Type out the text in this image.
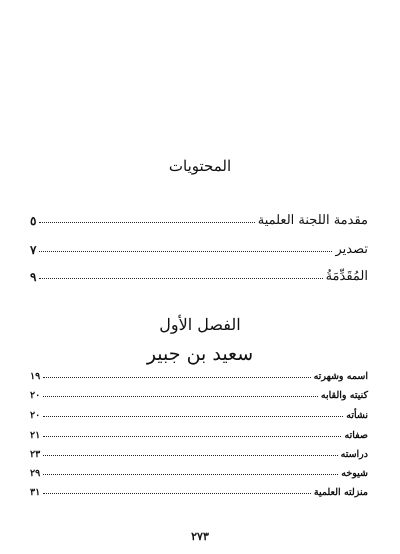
المحتويات
مقدمة اللجنة العلمية
٥
تصدير
٧
المُقَدِّمَةُ
٩
الفصل الأول
سعيد بن جبير
اسمه وشهرته
١٩
كنيته والقابه
٢٠
نشأته
٢٠
صفاته
٢١
دراسته
٢٣
شيوخه
٢٩
منزلته العلمية
٣١
٢٧٣
